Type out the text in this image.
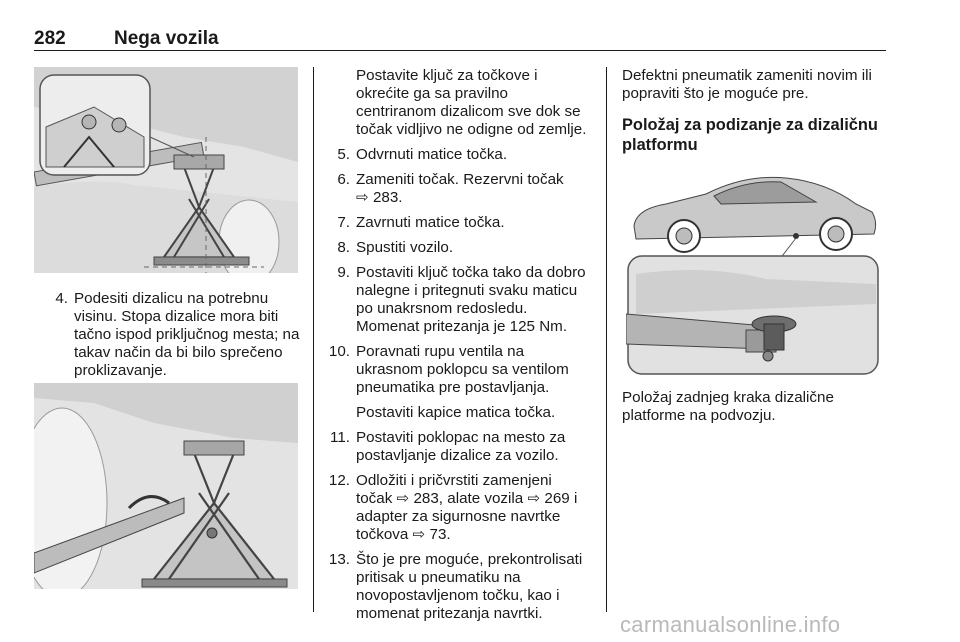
282	Nega vozila
4. Podesiti dizalicu na potrebnu
visinu. Stopa dizalice mora biti
tačno ispod priključnog mesta; na
takav način da bi bilo sprečeno
proklizavanje.
Postavite ključ za točkove i
okrećite ga sa pravilno
centriranom dizalicom sve dok se
točak vidljivo ne odigne od zemlje.
5. Odvrnuti matice točka.
6. Zameniti točak. Rezervni točak
⇨ 283.
7. Zavrnuti matice točka.
8. Spustiti vozilo.
9. Postaviti ključ točka tako da dobro
nalegne i pritegnuti svaku maticu
po unakrsnom redosledu.
Momenat pritezanja je 125 Nm.
10. Poravnati rupu ventila na
ukrasnom poklopcu sa ventilom
pneumatika pre postavljanja.
Postaviti kapice matica točka.
11. Postaviti poklopac na mesto za
postavljanje dizalice za vozilo.
12. Odložiti i pričvrstiti zamenjeni
točak ⇨ 283, alate vozila ⇨ 269 i
adapter za sigurnosne navrtke
točkova ⇨ 73.
13. Što je pre moguće, prekontrolisati
pritisak u pneumatiku na
novopostavljenom točku, kao i
momenat pritezanja navrtki.
Defektni pneumatik zameniti novim ili
popraviti što je moguće pre.
Položaj za podizanje za dizaličnu
platformu
Položaj zadnjeg kraka dizalične
platforme na podvozju.
carmanualsonline.info
